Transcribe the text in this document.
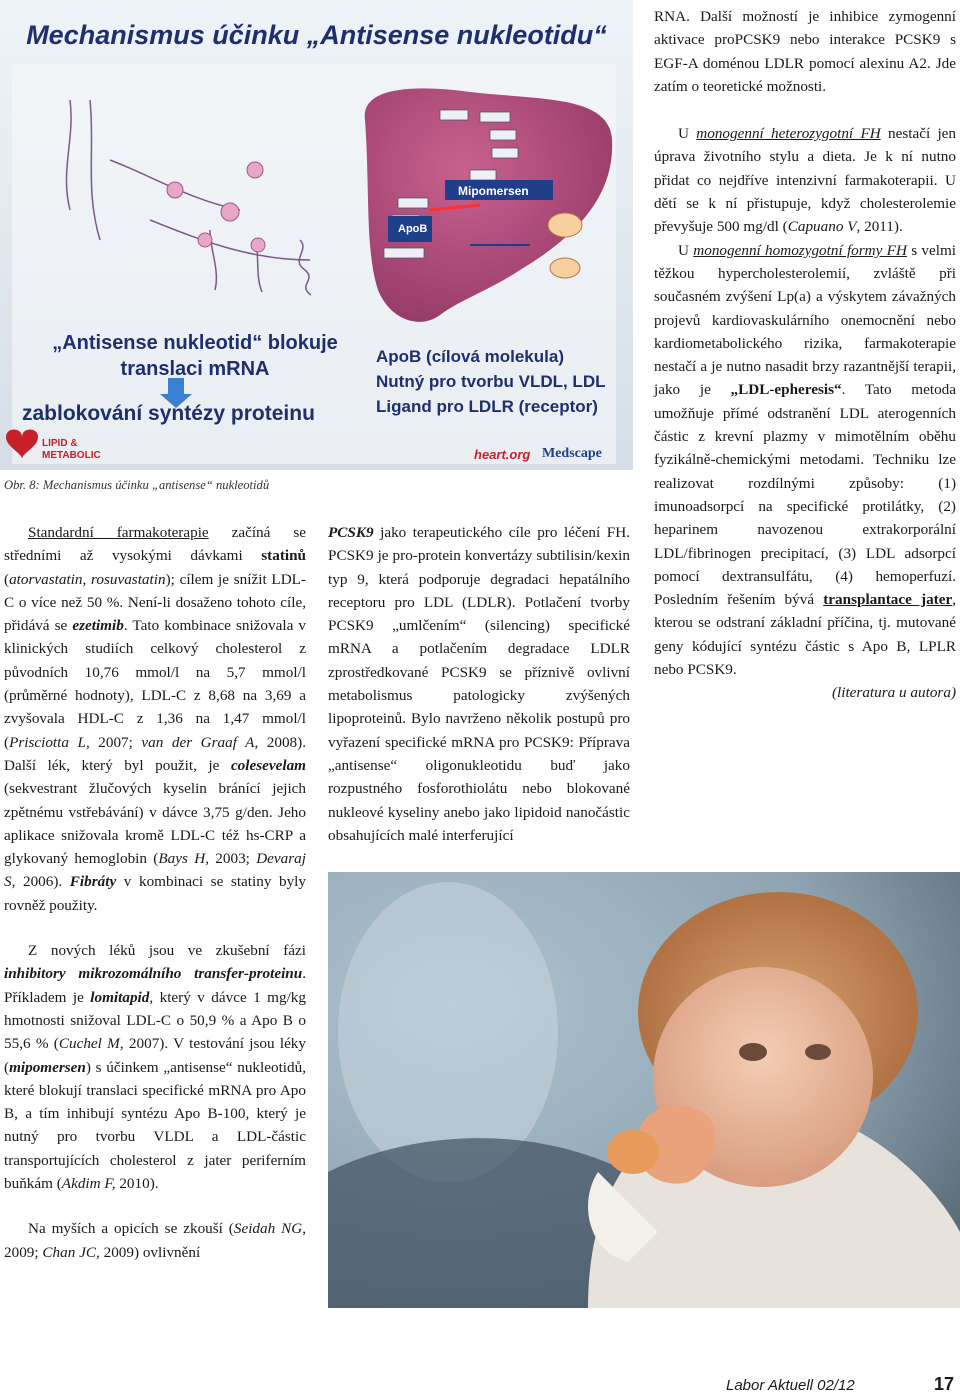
Mechanismus účinku „Antisense nukleotidu“
Mipomersen
ApoB
„Antisense nukleotid“ blokuje
translaci mRNA
zablokování syntézy proteinu
ApoB (cílová molekula)
Nutný pro tvorbu VLDL, LDL
Ligand pro LDLR (receptor)
LIPID &
METABOLIC	heart.org Medscape
Obr. 8: Mechanismus účinku „antisense“ nukleotidů

Standardní farmakoterapie začíná se středními až vysokými dávkami statinů (atorvastatin, rosuvastatin); cílem je snížit LDL-C o více než 50 %. Není-li dosaženo tohoto cíle, přidává se ezetimib. Tato kombinace snižovala v klinických studiích celkový cholesterol z původních 10,76 mmol/l na 5,7 mmol/l (průměrné hodnoty), LDL-C z 8,68 na 3,69 a zvyšovala HDL-C z 1,36 na 1,47 mmol/l (Prisciotta L, 2007; van der Graaf A, 2008). Další lék, který byl použit, je colesevelam (sekvestrant žlučových kyselin bránící jejich zpětnému vstřebávání) v dávce 3,75 g/den. Jeho aplikace snižovala kromě LDL-C též hs-CRP a glykovaný hemoglobin (Bays H, 2003; Devaraj S, 2006). Fibráty v kombinaci se statiny byly rovněž použity.

Z nových léků jsou ve zkušební fázi inhibitory mikrozomálního transfer-proteinu. Příkladem je lomitapid, který v dávce 1 mg/kg hmotnosti snižoval LDL-C o 50,9 % a Apo B o 55,6 % (Cuchel M, 2007). V testování jsou léky (mipomersen) s účinkem „antisense“ nukleotidů, které blokují translaci specifické mRNA pro Apo B, a tím inhibují syntézu Apo B-100, který je nutný pro tvorbu VLDL a LDL-částic transportujících cholesterol z jater periferním buňkám (Akdim F, 2010).

Na myších a opicích se zkouší (Seidah NG, 2009; Chan JC, 2009) ovlivnění

PCSK9 jako terapeutického cíle pro léčení FH. PCSK9 je pro-protein konvertázy subtilisin/kexin typ 9, která podporuje degradaci hepatálního receptoru pro LDL (LDLR). Potlačení tvorby PCSK9 „umlčením“ (silencing) specifické mRNA a potlačením degradace LDLR zprostředkované PCSK9 se příznivě ovlivní metabolismus patologicky zvýšených lipoproteinů. Bylo navrženo několik postupů pro vyřazení specifické mRNA pro PCSK9: Příprava „antisense“ oligonukleotidu buď jako rozpustného fosforothiolátu nebo blokované nukleové kyseliny anebo jako lipidoid nanočástic obsahujících malé interferující

RNA. Další možností je inhibice zymogenní aktivace proPCSK9 nebo interakce PCSK9 s EGF-A doménou LDLR pomocí alexinu A2. Jde zatím o teoretické možnosti.

U monogenní heterozygotní FH nestačí jen úprava životního stylu a dieta. Je k ní nutno přidat co nejdříve intenzivní farmakoterapii. U dětí se k ní přistupuje, když cholesterolemie převyšuje 500 mg/dl (Capuano V, 2011).

U monogenní homozygotní formy FH s velmi těžkou hypercholesterolemií, zvláště při současném zvýšení Lp(a) a výskytem závažných projevů kardiovaskulárního onemocnění nebo kardiometabolického rizika, farmakoterapie nestačí a je nutno nasadit brzy razantnější terapii, jako je „LDL-epheresis“. Tato metoda umožňuje přímé odstranění LDL aterogenních částic z krevní plazmy v mimotělním oběhu fyzikálně-chemickými metodami. Techniku lze realizovat rozdílnými způsoby: (1) imunoadsorpcí na specifické protilátky, (2) heparinem navozenou extrakorporální LDL/fibrinogen precipitací, (3) LDL adsorpcí pomocí dextransulfátu, (4) hemoperfuzí. Posledním řešením bývá transplantace jater, kterou se odstraní základní příčina, tj. mutované geny kódující syntézu částic s Apo B, LPLR nebo PCSK9.

(literatura u autora)

Labor Aktuell 02/12	17
